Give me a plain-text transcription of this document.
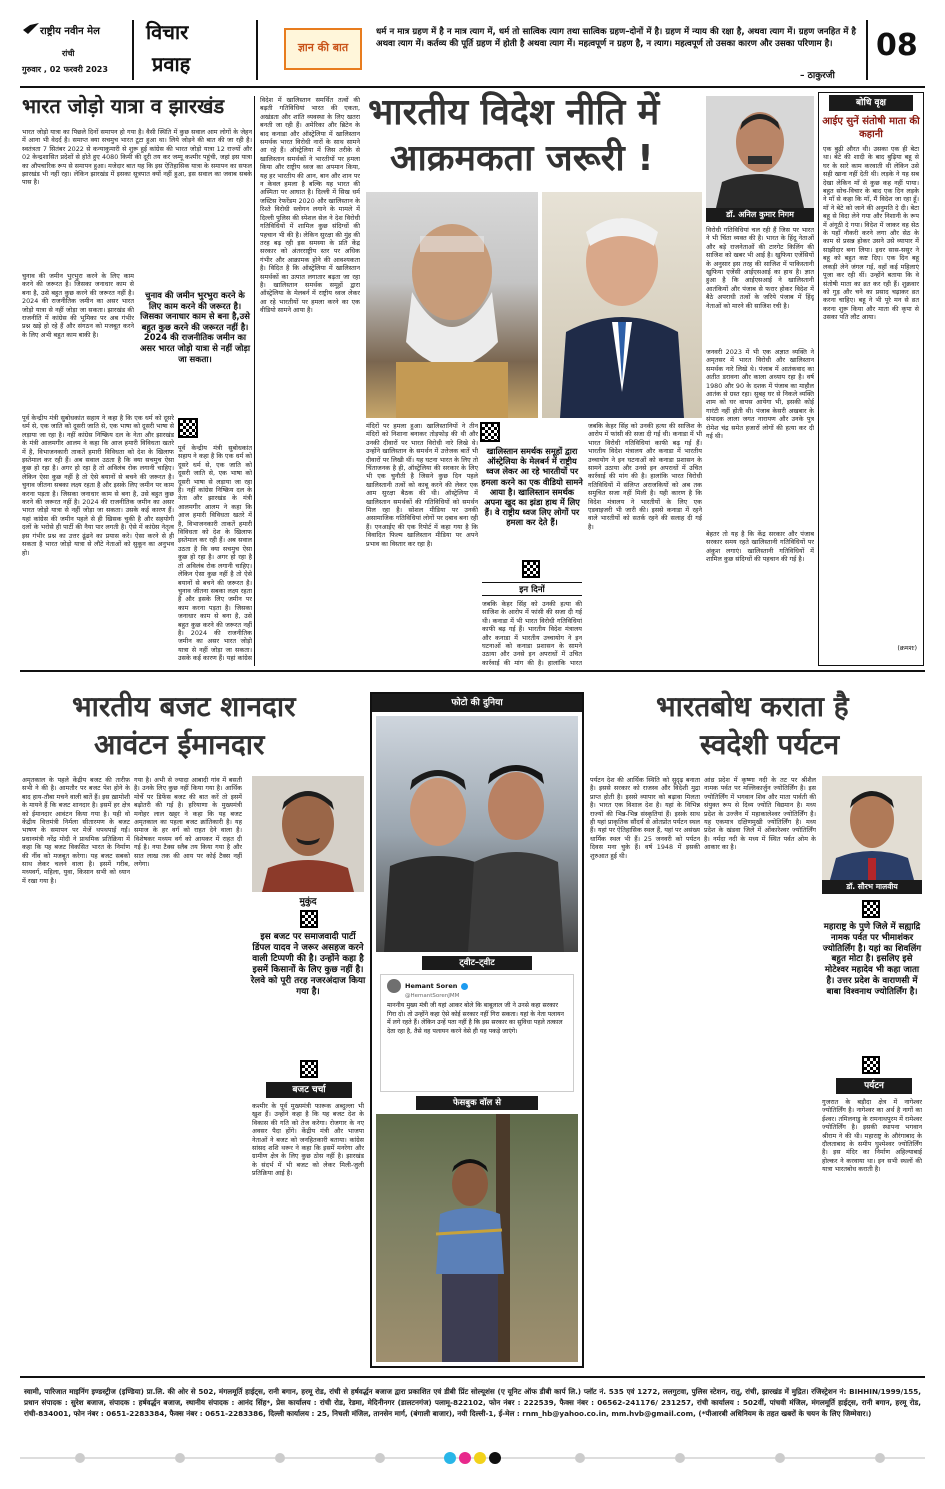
राष्ट्रीय नवीन मेल
रांची
गुरुवार , 02 फरवरी 2023
विचार
प्रवाह
ज्ञान की बात
धर्म न मात्र ग्रहण में है न मात्र त्याग में, धर्म तो सात्विक त्याग तथा सात्विक ग्रहण–दोनों में है। ग्रहण में न्याय की रक्षा है, अथवा त्याग में। ग्रहण जनहित में है अथवा त्याग में। कर्तव्य की पूर्ति ग्रहण में होती है अथवा त्याग में। महत्वपूर्ण न ग्रहण है, न त्याग। महत्वपूर्ण तो उसका कारण और उसका परिणाम है।
– ठाकुरजी
08
भारत जोड़ो यात्रा व झारखंड
भारत जोड़ो यात्रा का पिछले दिनों समापन हो गया है। वैसी स्थिति में कुछ सवाल आम लोगों के जेहन में आना भी वेदर्द है। समाप्त क्या सचमुच भारत टूटा हुआ था। लिये जोड़ने की बात की जा रही है। स्वतंत्रता 7 सितंबर 2022 से कन्याकुमारी से शुरू हुई कांग्रेस की भारत जोड़ो यात्रा 12 राज्यों और 02 केन्द्रशासित प्रदेशों से होते हुए 4080 किमी की दूरी तय कर जम्मू कश्मीर पहुंची, जहां इस यात्रा का औपचारिक रूप से समापन हुआ। मजेदार बात यह कि इस ऐतिहासिक यात्रा के समापन का सफल झारखंड भी नहीं रहा। लेकिन झारखंड में इसका सूत्रपात क्यों नहीं हुआ, इस सवाल का जवाब सबके पास है।
चुनाव की जमीन भुरभुरा करने के लिए काम करने की जरूरत है। जिसका जनाधार काम से बना है, उसे बहुत कुछ करने की जरूरत नहीं है। 2024 की राजनीतिक जमीन का असर भारत जोड़ो यात्रा से नहीं जोड़ा जा सकता। झारखंड की राजनीति में कांग्रेस की भूमिका पर अब गंभीर प्रश्न खड़े हो रहे हैं और संगठन को मजबूत करने के लिए अभी बहुत काम बाकी है।
चुनाव की जमीन भुरभुरा करने के लिए काम करने की जरूरत है। जिसका जनाधार काम से बना है,उसे बहुत कुछ करने की जरूरत नहीं है। 2024 की राजनीतिक जमीन का असर भारत जोड़ो यात्रा से नहीं जोड़ा जा सकता।
पूर्व केन्द्रीय मंत्री सुबोधकांत सहाय ने कहा है कि एक धर्म को दूसरे धर्म से, एक जाति को दूसरी जाति से, एक भाषा को दूसरी भाषा से लड़ाया जा रहा है। नहीं कांग्रेस निष्क्रिय दल के नेता और झारखंड के मंत्री आलमगीर आलम ने कहा कि आज हमारी विविधता खतरे में है, विभाजनकारी ताकतें हमारी विविधता को देश के खिलाफ इस्तेमाल कर रही हैं। अब सवाल उठता है कि क्या सचमुच ऐसा कुछ हो रहा है। अगर हो रहा है तो अविलंब रोक लगानी चाहिए। लेकिन ऐसा कुछ नहीं है तो ऐसे बयानों से बचने की जरूरत है। चुनाव जीतना सबका लक्ष्य रहता है और इसके लिए जमीन पर काम करना पड़ता है। जिसका जनाधार काम से बना है, उसे बहुत कुछ करने की जरूरत नहीं है। 2024 की राजनीतिक जमीन का असर भारत जोड़ो यात्रा से नहीं जोड़ा जा सकता। उसके कई कारण हैं। यहां कांग्रेस की जमीन पहले से ही खिसक चुकी है और सहयोगी दलों के भरोसे ही पार्टी की नैया पार लगती है। ऐसे में कांग्रेस नेतृत्व इस गंभीर प्रश्न का उत्तर ढूंढने का प्रयास करे। ऐसा करने से ही सकता है भारत जोड़ो यात्रा से लौटे नेताओं को सुकून का अनुभव हो।
पूर्व केन्द्रीय मंत्री सुबोधकांत सहाय ने कहा है कि एक धर्म को दूसरे धर्म से, एक जाति को दूसरी जाति से, एक भाषा को दूसरी भाषा से लड़ाया जा रहा है। नहीं कांग्रेस निष्क्रिय दल के नेता और झारखंड के मंत्री आलमगीर आलम ने कहा कि आज हमारी विविधता खतरे में है, विभाजनकारी ताकतें हमारी विविधता को देश के खिलाफ इस्तेमाल कर रही हैं। अब सवाल उठता है कि क्या सचमुच ऐसा कुछ हो रहा है। अगर हो रहा है तो अविलंब रोक लगानी चाहिए। लेकिन ऐसा कुछ नहीं है तो ऐसे बयानों से बचने की जरूरत है। चुनाव जीतना सबका लक्ष्य रहता है और इसके लिए जमीन पर काम करना पड़ता है। जिसका जनाधार काम से बना है, उसे बहुत कुछ करने की जरूरत नहीं है। 2024 की राजनीतिक जमीन का असर भारत जोड़ो यात्रा से नहीं जोड़ा जा सकता। उसके कई कारण हैं। यहां कांग्रेस
विदेश में खालिस्तान समर्थित तत्वों की बढ़ती गतिविधियां भारत की एकता, अखंडता और शांति व्यवस्था के लिए खतरा बनती जा रही हैं। अमेरिका और ब्रिटेन के बाद कनाडा और ऑस्ट्रेलिया में खालिस्तान समर्थक भारत विरोधी नारों के साथ सामने आ रहे हैं। ऑस्ट्रेलिया में जिस तरीके से खालिस्तान समर्थकों ने भारतीयों पर हमला किया और राष्ट्रीय ध्वज का अपमान किया, यह हर भारतीय की आन, बान और शान पर न केवल हमला है बल्कि यह भारत की अस्मिता पर आघात है। दिल्ली में सिख धर्म जस्टिस रेफरेंडम 2020 और खालिस्तान के रिश्ते विरोधी स्लोगन लगाने के मामले में दिल्ली पुलिस की स्पेशल सेल ने देश विरोधी गतिविधियों में शामिल कुछ संदिग्धों की पहचान भी की है। लेकिन सुरक्षा की मुंह की तरह बढ़ रही इस समस्या के प्रति केंद्र सरकार को अंतरराष्ट्रीय स्तर पर अधिक गंभीर और आक्रामक होने की आवश्यकता है। विदित है कि ऑस्ट्रेलिया में खालिस्तान समर्थकों का उत्पात लगातार बढ़ता जा रहा है। खालिस्तान समर्थक समूहों द्वारा ऑस्ट्रेलिया के मेलबर्न में राष्ट्रीय ध्वज लेकर आ रहे भारतीयों पर हमला करने का एक वीडियो सामने आया है।
भारतीय विदेश नीति में
आक्रमकता जरूरी !
डॉ. अनिल कुमार निगम
विरोधी गतिविधियां चल रही हैं जिस पर भारत ने भी चिंता व्यक्त की है। भारत के हिंदू नेताओं और बड़े राजनेताओं की टारगेट किलिंग की साजिश को खबर भी आई है। खुफिया एजेंसियों के अनुसार इस तरह की साजिश में पाकिस्तानी खुफिया एजेंसी आईएसआई का हाथ है। ज्ञात हुआ है कि आईएसआई ने खालिस्तानी आतंकियों और पंजाब से फरार होकर विदेश में बैठे अपराधी तत्वों के जरिये पंजाब में हिंदू नेताओं को मारने की साजिश रची है।
जनवरी 2023 में भी एक अज्ञात व्यक्ति ने अमृतसर में भारत विरोधी और खालिस्तान समर्थक नारे लिखे थे। पंजाब में आतंकवाद का अतीत डरावना और काला अध्याय रहा है। वर्ष 1980 और 90 के दशक में पंजाब का माहौल आतंक से ग्रस्त रहा। सुबह घर से निकले व्यक्ति शाम को घर वापस आयेगा भी, इसकी कोई गारंटी नहीं होती थी। पंजाब केसरी अखबार के संपादक लाला जगत नारायण और उनके पुत्र रोमेश चंद्र समेत हजारों लोगों की हत्या कर दी गई थी।
बेहतर तो यह है कि केंद्र सरकार और पंजाब सरकार समय रहते खालिस्तानी गतिविधियों पर अंकुश लगाएं। खालिस्तानी गतिविधियों में शामिल कुछ संदिग्धों की पहचान की गई है।
मंदिरों पर हमला हुआ। खालिस्तानियों ने तीन मंदिरों को निशाना बनाकर तोड़फोड़ की थी और उनकी दीवारों पर भारत विरोधी नारे लिखे थे। उन्होंने खालिस्तान के समर्थन में उत्तेजक बातें भी दीवारों पर लिखी थीं। यह घटना भारत के लिए तो चिंताजनक है ही, ऑस्ट्रेलिया की सरकार के लिए भी एक चुनौती है जिसने कुछ दिन पहले खालिस्तानी तत्वों को काबू करने की लेकर एक आम सुरक्षा बैठक की थी। ऑस्ट्रेलिया में खालिस्तान समर्थकों की गतिविधियों को समर्थन मिल रहा है। सोशल मीडिया पर उनकी असामाजिक गतिविधियां लोगों पर दबाव बना रही हैं। एनआईए की एक रिपोर्ट में कहा गया है कि विवादित फिल्म खालिस्तान मीडिया पर अपने प्रभाव का विस्तार कर रहा है।
खालिस्तान समर्थक समूहों द्वारा ऑस्ट्रेलिया के मेलबर्न में राष्ट्रीय ध्वज लेकर आ रहे भारतीयों पर हमला करने का एक वीडियो सामने आया है। खालिस्तान समर्थक अपना खुद का झंडा हाथ में लिए हैं। वे राष्ट्रीय ध्वज लिए लोगों पर हमला कर देते हैं।
इन दिनों
जबकि केहर सिंह को उनकी हत्या की साजिश के आरोप में फांसी की सजा दी गई थी। कनाडा में भी भारत विरोधी गतिविधियां काफी बढ़ गई हैं। भारतीय विदेश मंत्रालय और कनाडा में भारतीय उच्चायोग ने इन घटनाओं को कनाडा प्रशासन के सामने उठाया और उनसे इन अपराधों में उचित कार्रवाई की मांग की है। हालांकि भारत
जबकि केहर सिंह को उनकी हत्या की साजिश के आरोप में फांसी की सजा दी गई थी। कनाडा में भी भारत विरोधी गतिविधियां काफी बढ़ गई हैं। भारतीय विदेश मंत्रालय और कनाडा में भारतीय उच्चायोग ने इन घटनाओं को कनाडा प्रशासन के सामने उठाया और उनसे इन अपराधों में उचित कार्रवाई की मांग की है। हालांकि भारत विरोधी गतिविधियों में संलिप्त अराजकियों को अब तक समुचित सजा नहीं मिली है। यही कारण है कि विदेश मंत्रालय ने भारतीयों के लिए एक एडवाइजरी भी जारी की। इससे कनाडा में रहने वाले भारतीयों को सतर्क रहने की सलाह दी गई है।
बोधि वृक्ष
आईए सुनें संतोषी माता की कहानी
एक बुढ़ी औरत थी। उसका एक ही बेटा था। बेटे की शादी के बाद बुढ़िया बहू से घर के सारे काम करवाती थी लेकिन उसे सही खाना नहीं देती थी। लड़के ने यह सब देखा लेकिन माँ से कुछ कह नहीं पाया। बहुत सोच-विचार के बाद एक दिन लड़के ने माँ से कहा कि माँ, मैं विदेश जा रहा हूँ। माँ ने बेटे को जाने की अनुमति दे दी। बेटा बहू से विदा लेने गया और निशानी के रूप में अंगूठी दे गया। विदेश में जाकर वह सेठ के यहाँ नौकरी करने लगा और सेठ के काम से प्रसन्न होकर उसने उसे व्यापार में साझीदार बना लिया। इधर सास-ससुर ने बहू को बहुत कष्ट दिए। एक दिन बहू लकड़ी लेने जंगल गई, वहाँ कई महिलाएं पूजा कर रही थीं। उन्होंने बताया कि वे संतोषी माता का व्रत कर रही हैं। शुक्रवार को गुड़ और चने का प्रसाद चढ़ाकर व्रत करना चाहिए। बहू ने भी पूरे मन से व्रत करना शुरू किया और माता की कृपा से उसका पति लौट आया।
(क्रमशः)
भारतीय बजट शानदार
आवंटन ईमानदार
अमृतकाल के पहले केंद्रीय बजट की तारीफ़ सभी ने की है। आमतौर पर बजट पेश होने के बाद हाय-तौबा मचने वाली बातें हैं। इस ख़ामोशी के मायने हैं कि बजट शानदार है। इसमें हर क्षेत्र को ईमानदार आवंटन किया गया है। यही वो केंद्रीय वित्तमंत्री निर्मला सीतारमण के बजट भाषण के समापन पर मेजें थपथपाई गईं। प्रधानमंत्री नरेंद्र मोदी ने प्राथमिक प्रतिक्रिया में कहा कि यह बजट विकसित भारत के निर्माण की नींव को मजबूत करेगा। यह बजट सबको साथ लेकर चलने वाला है। इसमें गरीब, मध्यवर्ग, महिला, युवा, किसान सभी को ध्यान में रखा गया है।
गया है। अभी से ज्यादा आबादी गांव में बसती है। उनके लिए कुछ नहीं किया गया है। आर्थिक मोर्चे पर डिफेंस बजट की बात करें तो इसमें बढ़ोतरी की गई है। हरियाणा के मुख्यमंत्री मनोहर लाल खट्टर ने कहा कि यह बजट अमृतकाल का पहला बजट क्रांतिकारी है। यह समाज के हर वर्ग को राहत देने वाला है। विशेषकर मध्यम वर्ग को आयकर में राहत दी गई है। नया टैक्स स्लैब तय किया गया है और सात लाख तक की आय पर कोई टैक्स नहीं लगेगा।
मुकुंद
इस बजट पर समाजवादी पार्टी डिंपल यादव ने जरूर असहज करने वाली टिप्पणी की है। उन्होंने कहा है इसमें किसानों के लिए कुछ नहीं है। रेलवे को पूरी तरह नजरअंदाज किया गया है।
बजट चर्चा
कश्मीर के पूर्व मुख्यमंत्री फारूक अब्दुल्ला भी खुश हैं। उन्होंने कहा है कि यह बजट देश के विकास की गति को तेज करेगा। रोजगार के नए अवसर पैदा होंगे। केंद्रीय मंत्री और भाजपा नेताओं ने बजट को जनहितकारी बताया। कांग्रेस सांसद शशि थरूर ने कहा कि इसमें मनरेगा और ग्रामीण क्षेत्र के लिए कुछ ठोस नहीं है। झारखंड के संदर्भ में भी बजट को लेकर मिली-जुली प्रतिक्रिया आई है।
फोटो की दुनिया
ट्वीट–ट्वीट
Hemant Soren
@HemantSorenJMM
माननीय मुख्य मंत्री जी यहां आकर बोले कि बाबूलाल जी ने उनसे कहा सरकार गिरा दो। तो उन्होंने कहा ऐसे कोई सरकार नहीं गिरा सकता। यहां के नेता पलायन में लगे रहते हैं। लेकिन उन्हें पता नहीं है कि इस सरकार का सुविधा पहले तत्काल देता रहा है, तैसे वह पलायन करने वेसे ही यह पकड़े जाएंगे।
फेसबुक वॉल से
भारतबोध कराता है
स्वदेशी पर्यटन
पर्यटन देश की आर्थिक स्थिति को सुदृढ़ बनाता है। इससे सरकार को राजस्व और विदेशी मुद्रा प्राप्त होती है। इससे व्यापार को बढ़ावा मिलता है। भारत एक विशाल देश है। यहां के विभिन्न राज्यों की भिन्न-भिन्न संस्कृतियां हैं। इसके साथ ही यहां प्राकृतिक सौंदर्य से ओतप्रोत पर्यटन स्थल हैं। यहां पर ऐतिहासिक स्थल हैं, यहां पर असंख्य धार्मिक स्थल भी हैं। 25 जनवरी को पर्यटन दिवस मना चुके हैं। वर्ष 1948 में इसकी शुरुआत हुई थी।
आंध्र प्रदेश में कृष्णा नदी के तट पर श्रीशैल नामक पर्वत पर मल्लिकार्जुन ज्योतिर्लिंग है। इस ज्योतिर्लिंग में भगवान शिव और माता पार्वती की संयुक्त रूप से दिव्य ज्योति विद्यमान है। मध्य प्रदेश के उज्जैन में महाकालेश्वर ज्योतिर्लिंग है। यह एकमात्र दक्षिणमुखी ज्योतिर्लिंग है। मध्य प्रदेश के खंडवा जिले में ओंकारेश्वर ज्योतिर्लिंग है। नर्मदा नदी के मध्य में स्थित पर्वत ओम के आकार का है।
डॉ. सौरभ मालवीय
महाराष्ट्र के पुणे जिले में सह्याद्रि नामक पर्वत पर भीमाशंकर ज्योतिर्लिंग है। यहां का शिवलिंग बहुत मोटा है। इसलिए इसे मोटेश्वर महादेव भी कहा जाता है। उत्तर प्रदेश के वाराणसी में बाबा विश्वनाथ ज्योतिर्लिंग है।
पर्यटन
गुजरात के बड़ौदा क्षेत्र में नागेश्वर ज्योतिर्लिंग है। नागेश्वर का अर्थ है नागों का ईश्वर। तमिलनाडु के रामनाथपुरम में रामेश्वर ज्योतिर्लिंग है। इसकी स्थापना भगवान श्रीराम ने की थी। महाराष्ट्र के औरंगाबाद के दौलताबाद के समीप घुश्मेश्वर ज्योतिर्लिंग है। इस मंदिर का निर्माण अहिल्याबाई होल्कर ने करवाया था। इन सभी स्थलों की यात्रा भारतबोध कराती है।
स्वामी, पारिजात माइनिंग इण्डस्ट्रीज (इण्डिया) प्रा.लि. की ओर से 502, मंगलमूर्ति हाईट्स, रानी बगान, हरमू रोड, रांची से हर्षवर्द्धन बजाज द्वारा प्रकाशित एवं डीबी प्रिंट सोल्यूशंस (ए यूनिट ऑफ डीबी कार्प लि.) प्लॉट नं. 535 एवं 1272, ललगुटवा, पुलिस स्टेशन, रातू, रांची, झारखंड में मुद्रित। रजिस्ट्रेशन नं: BIHHIN/1999/155, प्रधान संपादक : सुरेश बजाज, संपादक : हर्षवर्द्धन बजाज, स्थानीय संपादक : आनंद सिंह*, प्रेस कार्यालय : रांची रोड, रेडमा, मेदिनीनगर (डालटनगंज) पलामू-822102, फोन नंबर : 222539, फैक्स नंबर : 06562-241176/ 231257, रांची कार्यालय : 502वीं, पांचवी मंजिल, मंगलमूर्ति हाईट्स, रानी बगान, हरमू रोड, रांची-834001, फोन नंबर : 0651-2283384, फैक्स नंबर : 0651-2283386, दिल्ली कार्यालय : 25, निचली मंजिल, तानसेन मार्ग, (बंगाली बाजार), नयी दिल्ली-1, ई-मेल : rnm_hb@yahoo.co.in, mm.hvb@gmail.com, (*पीआरबी अधिनियम के तहत खबरों के चयन के लिए जिम्मेवार।)
